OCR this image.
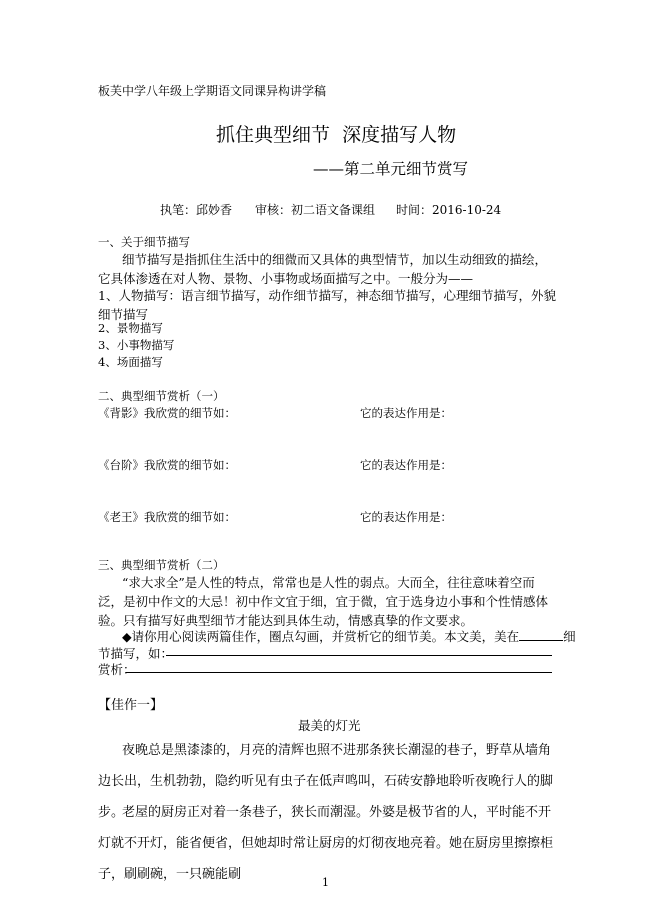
板芙中学八年级上学期语文同课异构讲学稿
抓住典型细节  深度描写人物
——第二单元细节赏写
执笔：邱妙香 审核：初二语文备课组 时间：2016-10-24
一、关于细节描写
细节描写是指抓住生活中的细微而又具体的典型情节，加以生动细致的描绘，它具体渗透在对人物、景物、小事物或场面描写之中。一般分为——
1、人物描写：语言细节描写，动作细节描写，神态细节描写，心理细节描写，外貌细节描写
2、景物描写
3、小事物描写
4、场面描写
二、典型细节赏析（一）
《背影》我欣赏的细节如：	它的表达作用是：
《台阶》我欣赏的细节如：	它的表达作用是：
《老王》我欣赏的细节如：	它的表达作用是：
三、典型细节赏析（二）
“求大求全”是人性的特点，常常也是人性的弱点。大而全，往往意味着空而泛，是初中作文的大忌！初中作文宜于细，宜于微，宜于选身边小事和个性情感体验。只有描写好典型细节才能达到具体生动，情感真挚的作文要求。
◆请你用心阅读两篇佳作，圈点勾画，并赏析它的细节美。本文美，美在	细
节描写，如：
赏析：
【佳作一】
最美的灯光
夜晚总是黑漆漆的，月亮的清辉也照不进那条狭长潮湿的巷子，野草从墙角边长出，生机勃勃，隐约听见有虫子在低声鸣叫，石砖安静地聆听夜晚行人的脚步。
老屋的厨房正对着一条巷子，狭长而潮湿。外婆是极节省的人，平时能不开灯就不开灯，能省便省，但她却时常让厨房的灯彻夜地亮着。她在厨房里擦擦柜子，刷刷碗，一只碗能刷
1
